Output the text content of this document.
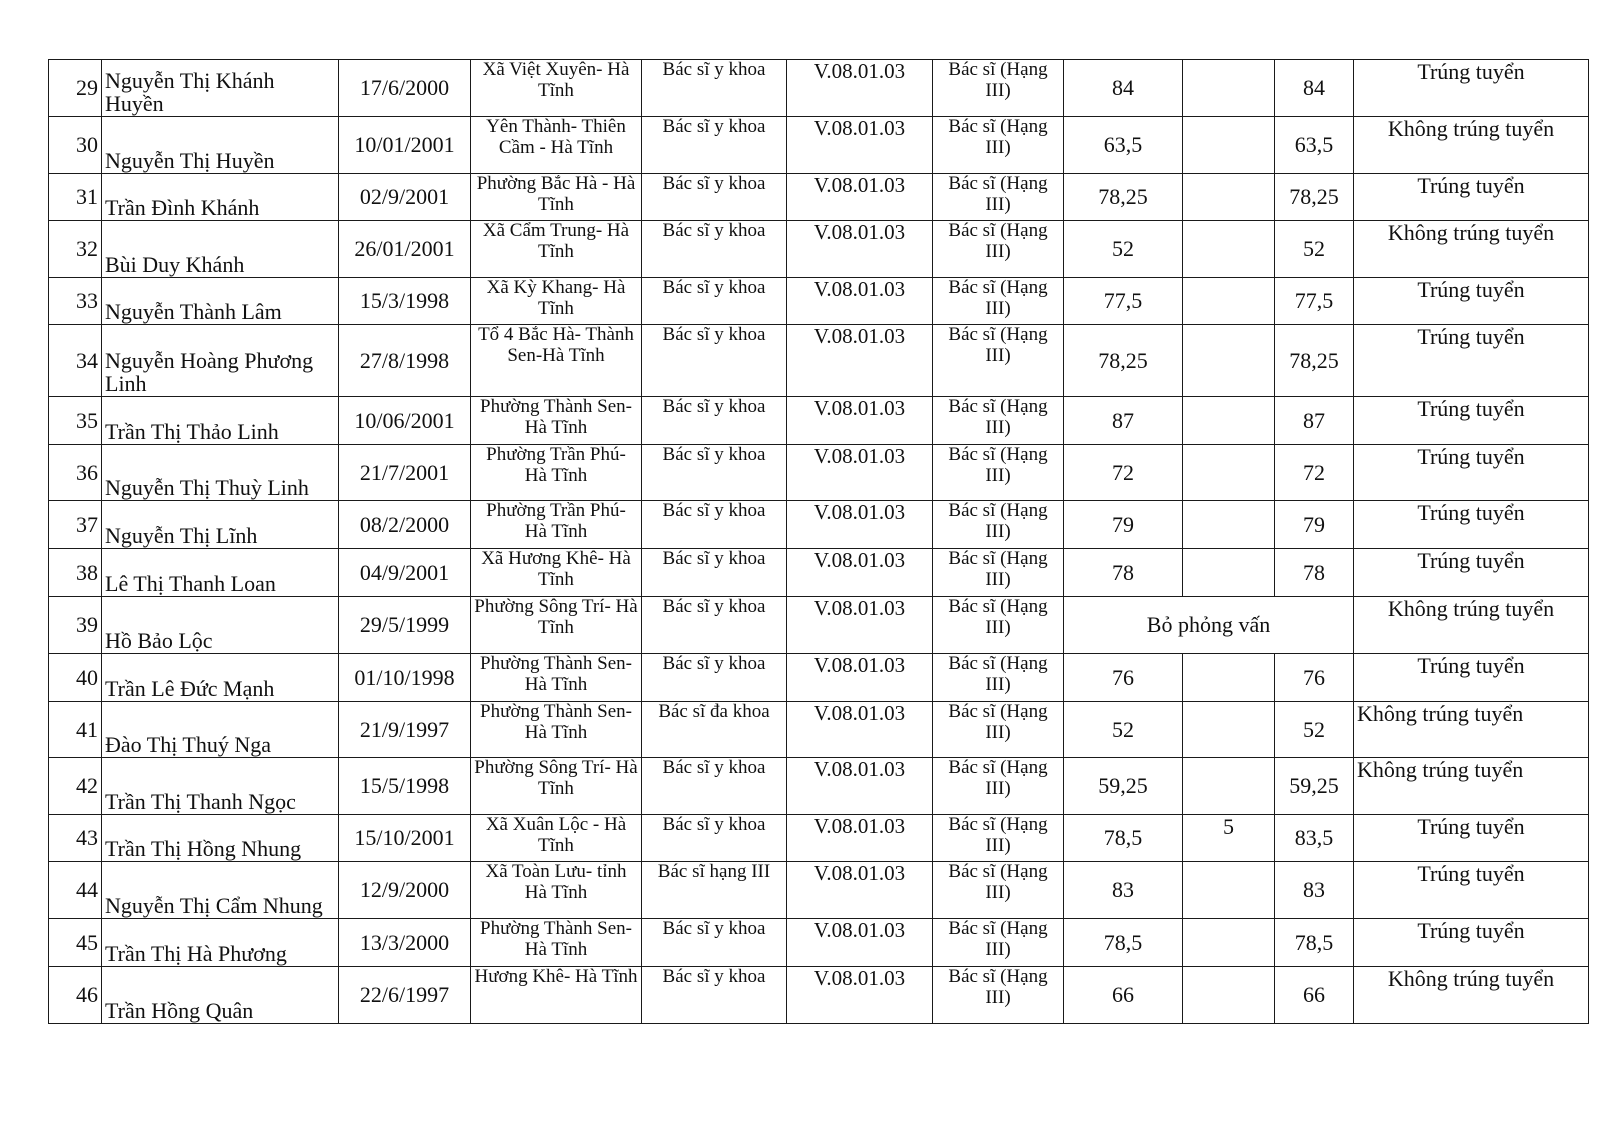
29	Nguyễn Thị Khánh Huyền	17/6/2000	Xã Việt Xuyên- Hà Tĩnh	Bác sĩ y khoa	V.08.01.03	Bác sĩ (Hạng III)	84		84	Trúng tuyển
30	Nguyễn Thị Huyền	10/01/2001	Yên Thành- Thiên Cầm - Hà Tĩnh	Bác sĩ y khoa	V.08.01.03	Bác sĩ (Hạng III)	63,5		63,5	Không trúng tuyển
31	Trần Đình Khánh	02/9/2001	Phường Bắc Hà - Hà Tĩnh	Bác sĩ y khoa	V.08.01.03	Bác sĩ (Hạng III)	78,25		78,25	Trúng tuyển
32	Bùi Duy Khánh	26/01/2001	Xã Cẩm Trung- Hà Tĩnh	Bác sĩ y khoa	V.08.01.03	Bác sĩ (Hạng III)	52		52	Không trúng tuyển
33	Nguyễn Thành Lâm	15/3/1998	Xã Kỳ Khang- Hà Tĩnh	Bác sĩ y khoa	V.08.01.03	Bác sĩ (Hạng III)	77,5		77,5	Trúng tuyển
34	Nguyễn Hoàng Phương Linh	27/8/1998	Tổ 4 Bắc Hà- Thành Sen-Hà Tĩnh	Bác sĩ y khoa	V.08.01.03	Bác sĩ (Hạng III)	78,25		78,25	Trúng tuyển
35	Trần Thị Thảo Linh	10/06/2001	Phường Thành Sen- Hà Tĩnh	Bác sĩ y khoa	V.08.01.03	Bác sĩ (Hạng III)	87		87	Trúng tuyển
36	Nguyễn Thị Thuỳ Linh	21/7/2001	Phường Trần Phú- Hà Tĩnh	Bác sĩ y khoa	V.08.01.03	Bác sĩ (Hạng III)	72		72	Trúng tuyển
37	Nguyễn Thị Lĩnh	08/2/2000	Phường Trần Phú- Hà Tĩnh	Bác sĩ y khoa	V.08.01.03	Bác sĩ (Hạng III)	79		79	Trúng tuyển
38	Lê Thị Thanh Loan	04/9/2001	Xã Hương Khê- Hà Tĩnh	Bác sĩ y khoa	V.08.01.03	Bác sĩ (Hạng III)	78		78	Trúng tuyển
39	Hồ Bảo Lộc	29/5/1999	Phường Sông Trí- Hà Tĩnh	Bác sĩ y khoa	V.08.01.03	Bác sĩ (Hạng III)	Bỏ phỏng vấn			Không trúng tuyển
40	Trần Lê Đức Mạnh	01/10/1998	Phường Thành Sen- Hà Tĩnh	Bác sĩ y khoa	V.08.01.03	Bác sĩ (Hạng III)	76		76	Trúng tuyển
41	Đào Thị Thuý Nga	21/9/1997	Phường Thành Sen- Hà Tĩnh	Bác sĩ đa khoa	V.08.01.03	Bác sĩ (Hạng III)	52		52	Không trúng tuyển
42	Trần Thị Thanh Ngọc	15/5/1998	Phường Sông Trí- Hà Tĩnh	Bác sĩ y khoa	V.08.01.03	Bác sĩ (Hạng III)	59,25		59,25	Không trúng tuyển
43	Trần Thị Hồng Nhung	15/10/2001	Xã Xuân Lộc - Hà Tĩnh	Bác sĩ y khoa	V.08.01.03	Bác sĩ (Hạng III)	78,5	5	83,5	Trúng tuyển
44	Nguyễn Thị Cẩm Nhung	12/9/2000	Xã Toàn Lưu- tỉnh Hà Tĩnh	Bác sĩ hạng III	V.08.01.03	Bác sĩ (Hạng III)	83		83	Trúng tuyển
45	Trần Thị Hà Phương	13/3/2000	Phường Thành Sen- Hà Tĩnh	Bác sĩ y khoa	V.08.01.03	Bác sĩ (Hạng III)	78,5		78,5	Trúng tuyển
46	Trần Hồng Quân	22/6/1997	Hương Khê- Hà Tĩnh	Bác sĩ y khoa	V.08.01.03	Bác sĩ (Hạng III)	66		66	Không trúng tuyển
